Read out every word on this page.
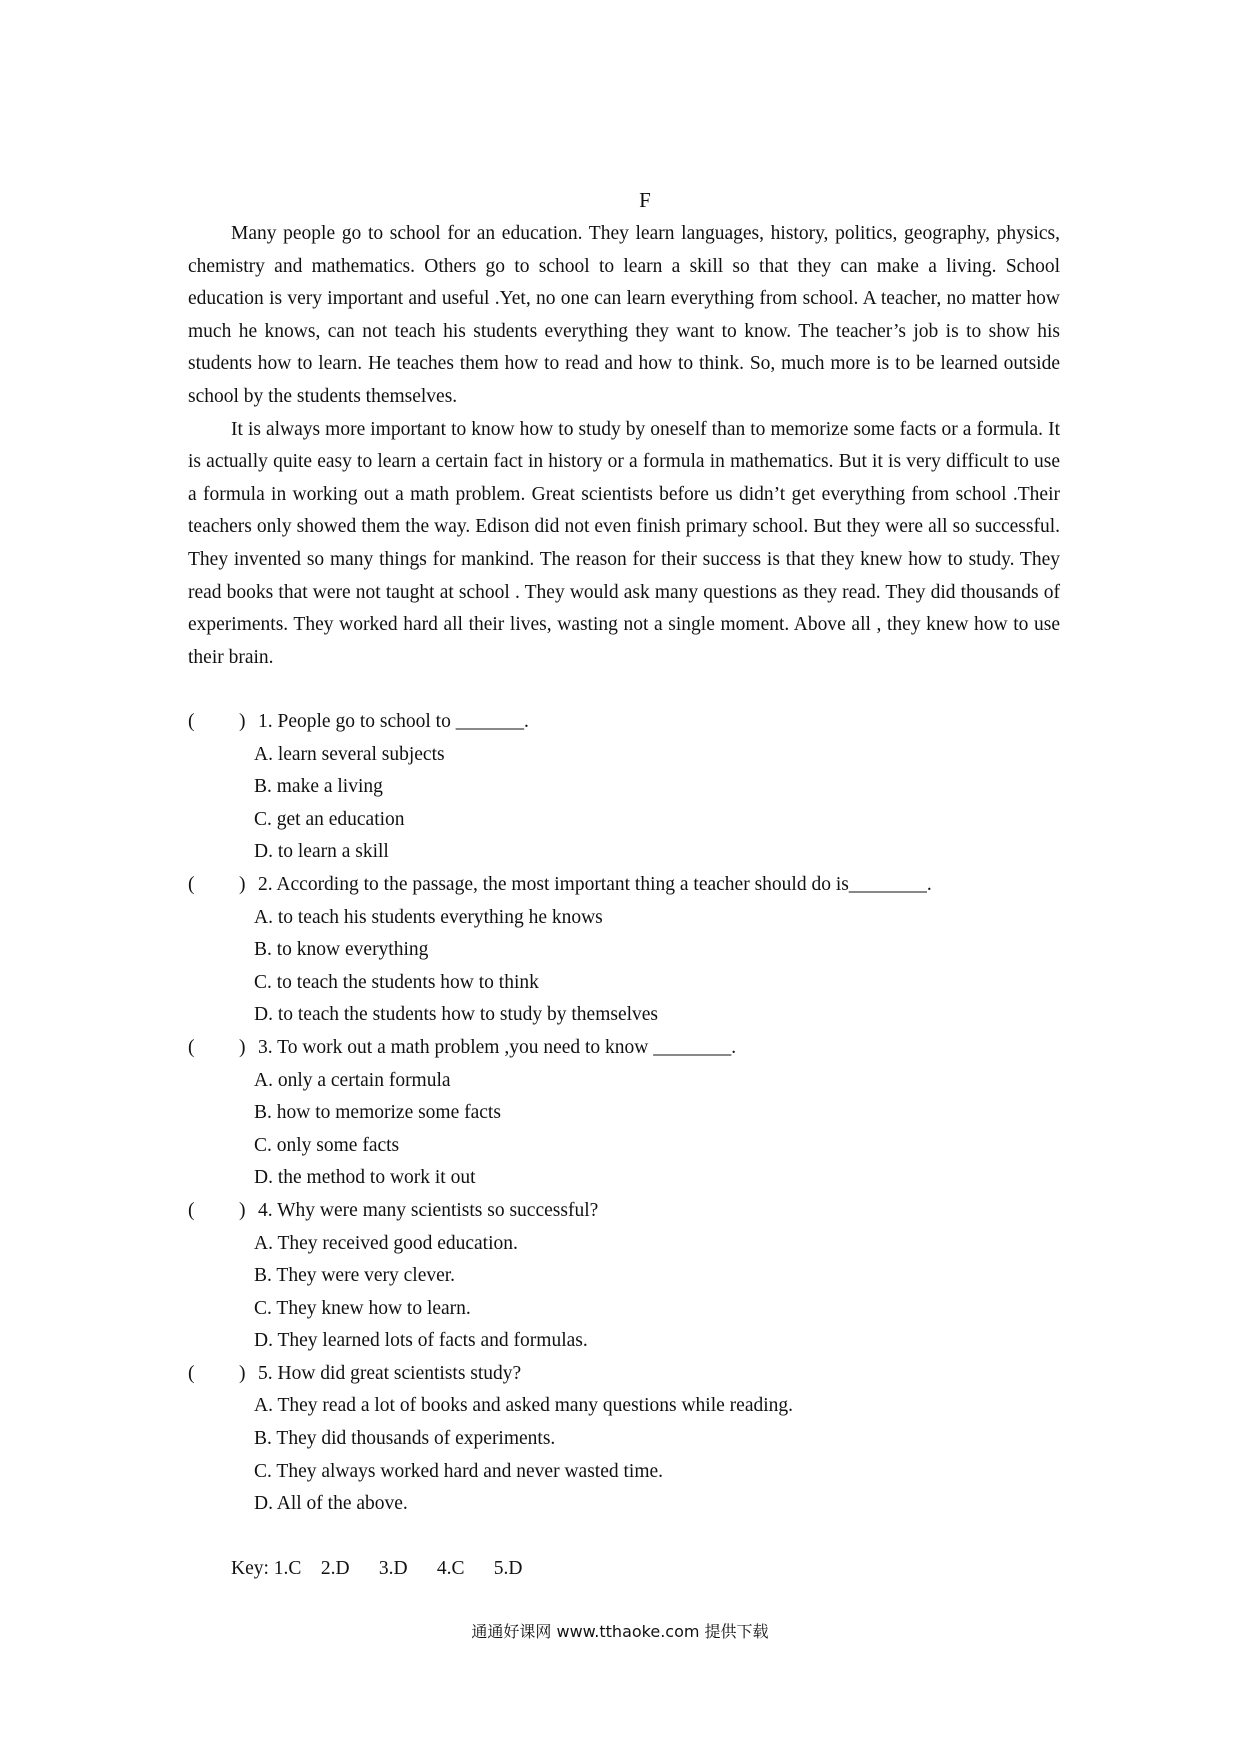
F

Many people go to school for an education. They learn languages, history, politics, geography, physics, chemistry and mathematics. Others go to school to learn a skill so that they can make a living. School education is very important and useful .Yet, no one can learn everything from school. A teacher, no matter how much he knows, can not teach his students everything they want to know. The teacher’s job is to show his students how to learn. He teaches them how to read and how to think. So, much more is to be learned outside school by the students themselves.

It is always more important to know how to study by oneself than to memorize some facts or a formula. It is actually quite easy to learn a certain fact in history or a formula in mathematics. But it is very difficult to use a formula in working out a math problem. Great scientists before us didn’t get everything from school .Their teachers only showed them the way. Edison did not even finish primary school. But they were all so successful. They invented so many things for mankind. The reason for their success is that they knew how to study. They read books that were not taught at school . They would ask many questions as they read. They did thousands of experiments. They worked hard all their lives, wasting not a single moment. Above all , they knew how to use their brain.

( ) 1. People go to school to _______.
A. learn several subjects
B. make a living
C. get an education
D. to learn a skill
( ) 2. According to the passage, the most important thing a teacher should do is________.
A. to teach his students everything he knows
B. to know everything
C. to teach the students how to think
D. to teach the students how to study by themselves
( ) 3. To work out a math problem ,you need to know ________.
A. only a certain formula
B. how to memorize some facts
C. only some facts
D. the method to work it out
( ) 4. Why were many scientists so successful?
A. They received good education.
B. They were very clever.
C. They knew how to learn.
D. They learned lots of facts and formulas.
( ) 5. How did great scientists study?
A. They read a lot of books and asked many questions while reading.
B. They did thousands of experiments.
C. They always worked hard and never wasted time.
D. All of the above.
Key: 1.C    2.D      3.D      4.C      5.D
通通好课网 www.tthaoke.com 提供下载
